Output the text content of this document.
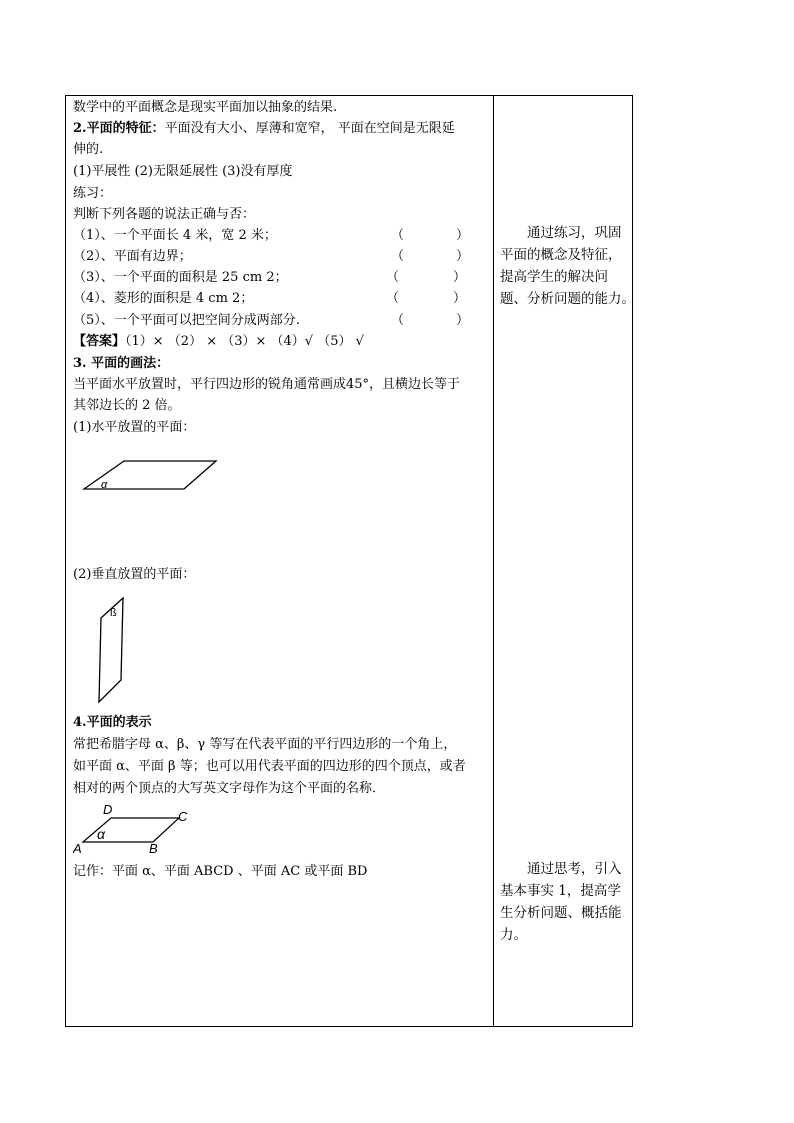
数学中的平面概念是现实平面加以抽象的结果.
2.平面的特征：平面没有大小、厚薄和宽窄， 平面在空间是无限延
伸的.
(1)平展性 (2)无限延展性 (3)没有厚度
练习：
判断下列各题的说法正确与否：
（1）、一个平面长 4 米，宽 2 米；	（	）
（2）、平面有边界；	（	）
（3）、一个平面的面积是 25 cm 2；	（	）
（4）、菱形的面积是 4 cm 2；	（	）
（5）、一个平面可以把空间分成两部分.	（	）
【答案】（1）× （2） × （3）× （4）√ （5） √
3. 平面的画法：
当平面水平放置时，平行四边形的锐角通常画成45°，且横边长等于
其邻边长的 2 倍。
(1)水平放置的平面：
α
(2)垂直放置的平面：
ß
4.平面的表示
常把希腊字母 α、β、γ 等写在代表平面的平行四边形的一个角上，
如平面 α、平面 β 等；也可以用代表平面的四边形的四个顶点，或者
相对的两个顶点的大写英文字母作为这个平面的名称．
D	C
A	B
α
记作：平面 α、平面 ABCD 、平面 AC 或平面 BD
　　通过练习，巩固
平面的概念及特征，
提高学生的解决问
题、分析问题的能力。
　　通过思考，引入
基本事实 1，提高学
生分析问题、概括能
力。
